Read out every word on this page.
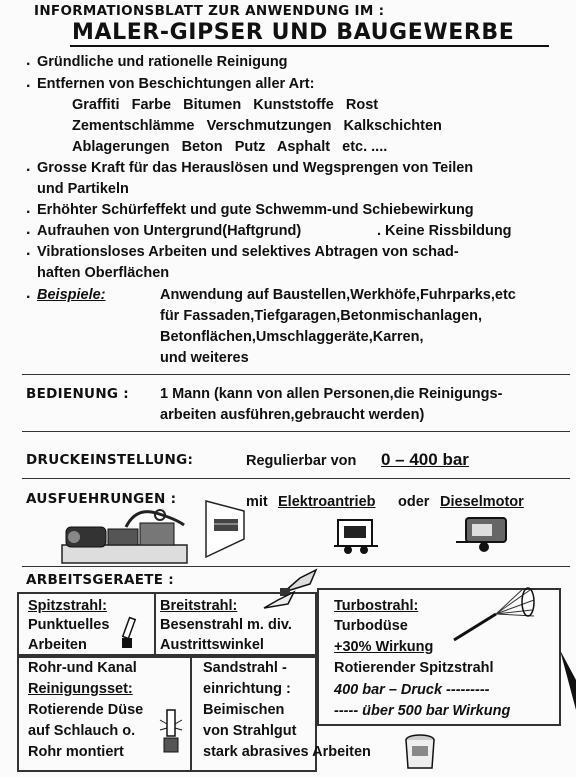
INFORMATIONSBLATT ZUR ANWENDUNG IM :
MALER-GIPSER UND BAUGEWERBE
. Gründliche und rationelle Reinigung
. Entfernen von Beschichtungen aller Art:
Graffiti   Farbe   Bitumen   Kunststoffe   Rost
Zementschlämme   Verschmutzungen   Kalkschichten
Ablagerungen   Beton   Putz   Asphalt   etc. ....
. Grosse Kraft für das Herauslösen und Wegsprengen von Teilen
und Partikeln
. Erhöhter Schürfeffekt und gute Schwemm-und Schiebewirkung
. Aufrauhen von Untergrund(Haftgrund)	. Keine Rissbildung
. Vibrationsloses Arbeiten und selektives Abtragen von schad-
haften Oberflächen
. Beispiele:	Anwendung auf Baustellen,Werkhöfe,Fuhrparks,etc
für Fassaden,Tiefgaragen,Betonmischanlagen,
Betonflächen,Umschlaggeräte,Karren,
und weiteres
BEDIENUNG : 1 Mann (kann von allen Personen,die Reinigungs-
arbeiten ausführen,gebraucht werden)
DRUCKEINSTELLUNG:	Regulierbar von 0 – 400 bar
AUSFUEHRUNGEN :	mit Elektroantrieb oder Dieselmotor
ARBEITSGERAETE :
Spitzstrahl:
Punktuelles
Arbeiten
Breitstrahl:
Besenstrahl m. div.
Austrittswinkel
Turbostrahl:
Turbodüse
+30% Wirkung
Rotierender Spitzstrahl
400 bar – Druck ---------
----- über 500 bar Wirkung
Rohr-und Kanal
Reinigungsset:
Rotierende Düse
auf Schlauch o.
Rohr montiert
Sandstrahl -
einrichtung :
Beimischen
von Strahlgut
stark abrasives Arbeiten
